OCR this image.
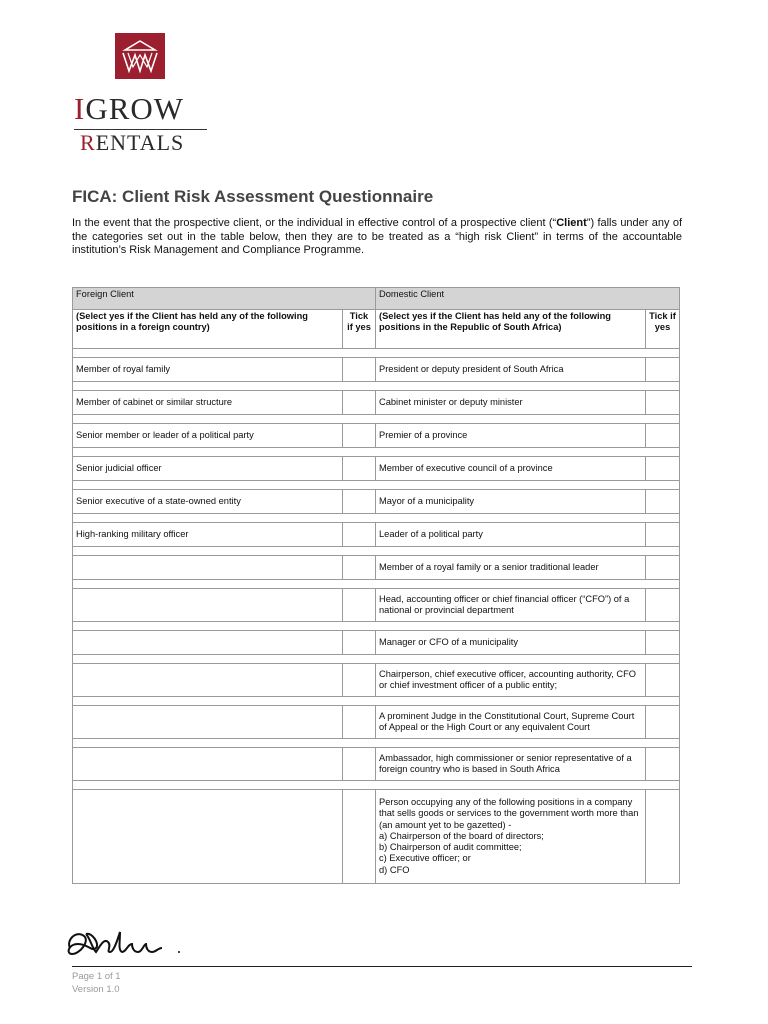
IGROW
RENTALS
FICA: Client Risk Assessment Questionnaire

In the event that the prospective client, or the individual in effective control of a prospective client (“Client”) falls under any of the categories set out in the table below, then they are to be treated as a “high risk Client” in terms of the accountable institution’s Risk Management and Compliance Programme.

Foreign Client		Domestic Client	
(Select yes if the Client has held any of the following positions in a foreign country)	Tick if yes	(Select yes if the Client has held any of the following positions in the Republic of South Africa)	Tick if yes

Member of royal family		President or deputy president of South Africa	

Member of cabinet or similar structure		Cabinet minister or deputy minister	

Senior member or leader of a political party		Premier of a province	

Senior judicial officer		Member of executive council of a province	

Senior executive of a state-owned entity		Mayor of a municipality	

High-ranking military officer		Leader of a political party	

		Member of a royal family or a senior traditional leader	

		Head, accounting officer or chief financial officer (“CFO”) of a national or provincial department	

		Manager or CFO of a municipality	

		Chairperson, chief executive officer, accounting authority, CFO or chief investment officer of a public entity;	

		A prominent Judge in the Constitutional Court, Supreme Court of Appeal or the High Court or any equivalent Court	

		Ambassador, high commissioner or senior representative of a foreign country who is based in South Africa	

		Person occupying any of the following positions in a company that sells goods or services to the government worth more than (an amount yet to be gazetted) -
a) Chairperson of the board of directors;
b) Chairperson of audit committee;
c) Executive officer; or
d) CFO	

Page 1 of 1
Version 1.0
